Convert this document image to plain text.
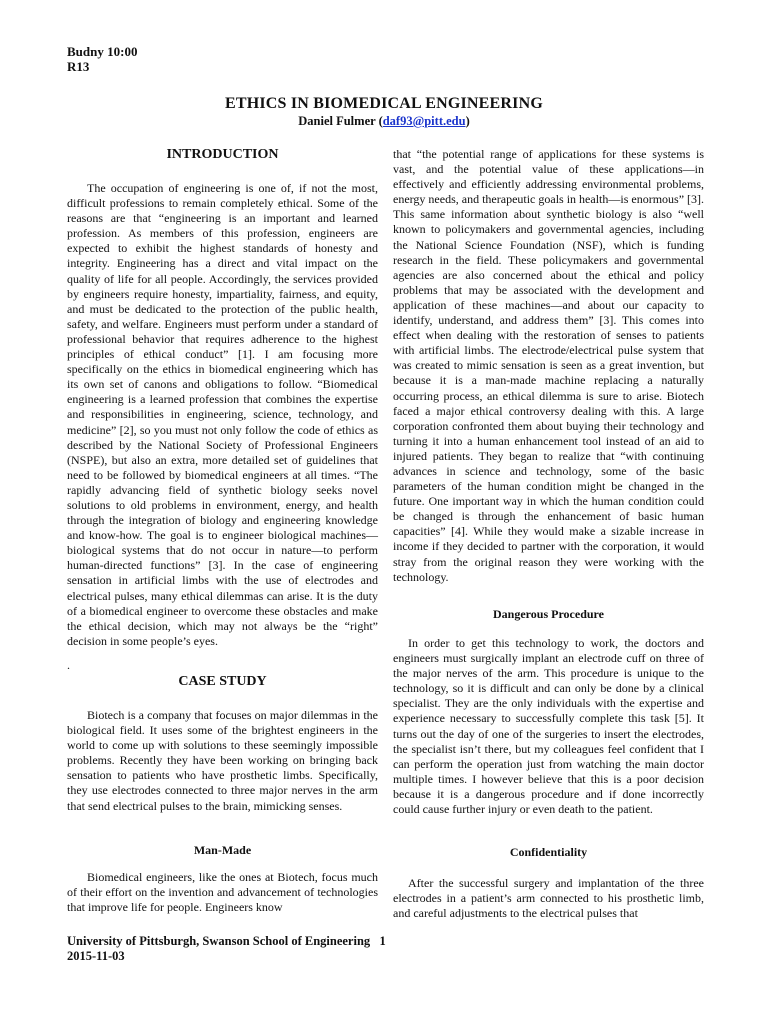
Budny 10:00
R13
ETHICS IN BIOMEDICAL ENGINEERING
Daniel Fulmer (daf93@pitt.edu)
INTRODUCTION
The occupation of engineering is one of, if not the most, difficult professions to remain completely ethical. Some of the reasons are that “engineering is an important and learned profession. As members of this profession, engineers are expected to exhibit the highest standards of honesty and integrity. Engineering has a direct and vital impact on the quality of life for all people. Accordingly, the services provided by engineers require honesty, impartiality, fairness, and equity, and must be dedicated to the protection of the public health, safety, and welfare. Engineers must perform under a standard of professional behavior that requires adherence to the highest principles of ethical conduct” [1]. I am focusing more specifically on the ethics in biomedical engineering which has its own set of canons and obligations to follow. “Biomedical engineering is a learned profession that combines the expertise and responsibilities in engineering, science, technology, and medicine” [2], so you must not only follow the code of ethics as described by the National Society of Professional Engineers (NSPE), but also an extra, more detailed set of guidelines that need to be followed by biomedical engineers at all times. “The rapidly advancing field of synthetic biology seeks novel solutions to old problems in environment, energy, and health through the integration of biology and engineering knowledge and know-how. The goal is to engineer biological machines—biological systems that do not occur in nature—to perform human-directed functions” [3]. In the case of engineering sensation in artificial limbs with the use of electrodes and electrical pulses, many ethical dilemmas can arise. It is the duty of a biomedical engineer to overcome these obstacles and make the ethical decision, which may not always be the “right” decision in some people’s eyes.
.
CASE STUDY
Biotech is a company that focuses on major dilemmas in the biological field. It uses some of the brightest engineers in the world to come up with solutions to these seemingly impossible problems. Recently they have been working on bringing back sensation to patients who have prosthetic limbs. Specifically, they use electrodes connected to three major nerves in the arm that send electrical pulses to the brain, mimicking senses.
Man-Made
Biomedical engineers, like the ones at Biotech, focus much of their effort on the invention and advancement of technologies that improve life for people. Engineers know
that “the potential range of applications for these systems is vast, and the potential value of these applications—in effectively and efficiently addressing environmental problems, energy needs, and therapeutic goals in health—is enormous” [3]. This same information about synthetic biology is also “well known to policymakers and governmental agencies, including the National Science Foundation (NSF), which is funding research in the field. These policymakers and governmental agencies are also concerned about the ethical and policy problems that may be associated with the development and application of these machines—and about our capacity to identify, understand, and address them” [3]. This comes into effect when dealing with the restoration of senses to patients with artificial limbs. The electrode/electrical pulse system that was created to mimic sensation is seen as a great invention, but because it is a man-made machine replacing a naturally occurring process, an ethical dilemma is sure to arise. Biotech faced a major ethical controversy dealing with this. A large corporation confronted them about buying their technology and turning it into a human enhancement tool instead of an aid to injured patients. They began to realize that “with continuing advances in science and technology, some of the basic parameters of the human condition might be changed in the future. One important way in which the human condition could be changed is through the enhancement of basic human capacities” [4]. While they would make a sizable increase in income if they decided to partner with the corporation, it would stray from the original reason they were working with the technology.
Dangerous Procedure
In order to get this technology to work, the doctors and engineers must surgically implant an electrode cuff on three of the major nerves of the arm. This procedure is unique to the technology, so it is difficult and can only be done by a clinical specialist. They are the only individuals with the expertise and experience necessary to successfully complete this task [5]. It turns out the day of one of the surgeries to insert the electrodes, the specialist isn’t there, but my colleagues feel confident that I can perform the operation just from watching the main doctor multiple times. I however believe that this is a poor decision because it is a dangerous procedure and if done incorrectly could cause further injury or even death to the patient.
Confidentiality
After the successful surgery and implantation of the three electrodes in a patient’s arm connected to his prosthetic limb, and careful adjustments to the electrical pulses that
University of Pittsburgh, Swanson School of Engineering 1
2015-11-03
